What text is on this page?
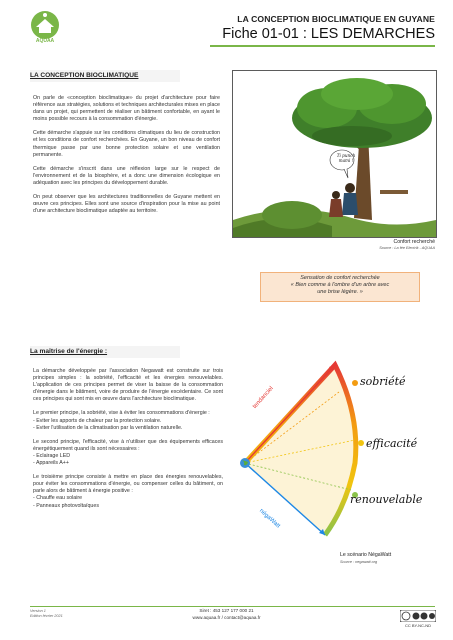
AQUAA
LA CONCEPTION BIOCLIMATIQUE EN GUYANE
Fiche 01-01 : LES DEMARCHES
LA CONCEPTION BIOCLIMATIQUE
On parle de «conception bioclimatique» du projet d'architecture pour faire référence aux stratégies, solutions et techniques architecturales mises en place dans un projet, qui permettent de réaliser un bâtiment confortable, en ayant le moins possible recours à la consommation d'énergie.
Cette démarche s'appuie sur les conditions climatiques du lieu de construction et les conditions de confort recherchées. En Guyane, un bon niveau de confort thermique passe par une bonne protection solaire et une ventilation permanente.
Cette démarche s'inscrit dans une réflexion large sur le respect de l'environnement et de la biosphère, et a donc une dimension écologique en adéquation avec les principes du développement durable.
On peut observer que les architectures traditionnelles de Guyane mettent en œuvre ces principes. Elles sont une source d'inspiration pour la mise au point d'une architecture bioclimatique adaptée au territoire.
Ti punch mami !
Confort recherché
Source : La fée Electrik - AQUAA
Sensation de confort recherchée
« Bien comme à l'ombre d'un arbre avec
une brise légère. »
La maîtrise de l'énergie :
La démarche développée par l'association Negawatt est construite sur trois principes simples : la sobriété, l'efficacité et les énergies renouvelables. L'application de ces principes permet de viser la baisse de la consommation d'énergie dans le bâtiment, voire de produire de l'énergie excédentaire. Ce sont ces principes qui sont mis en œuvre dans l'architecture bioclimatique.
Le premier principe, la sobriété, vise à éviter les consommations d'énergie :
- Eviter les apports de chaleur par la protection solaire.
- Eviter l'utilisation de la climatisation par la ventilation naturelle.
Le second principe, l'efficacité, vise à n'utiliser que des équipements efficaces énergétiquement quand ils sont nécessaires :
- Eclairage LED
- Appareils A++
Le troisième principe consiste à mettre en place des énergies renouvelables, pour éviter les consommations d'énergie, ou compenser celles du bâtiment, on parle alors de bâtiment à énergie positive :
- Chauffe eau solaire
- Panneaux photovoltaïques
tendanciel
négaWatt
sobriété
efficacité
renouvelable
Le scénario NégaWatt
Source : negawatt.org
Version 1
Edition février 2021
Siret : 453 127 177 000 21
www.aquaa.fr / contact@aquaa.fr
CC BY-NC-ND
